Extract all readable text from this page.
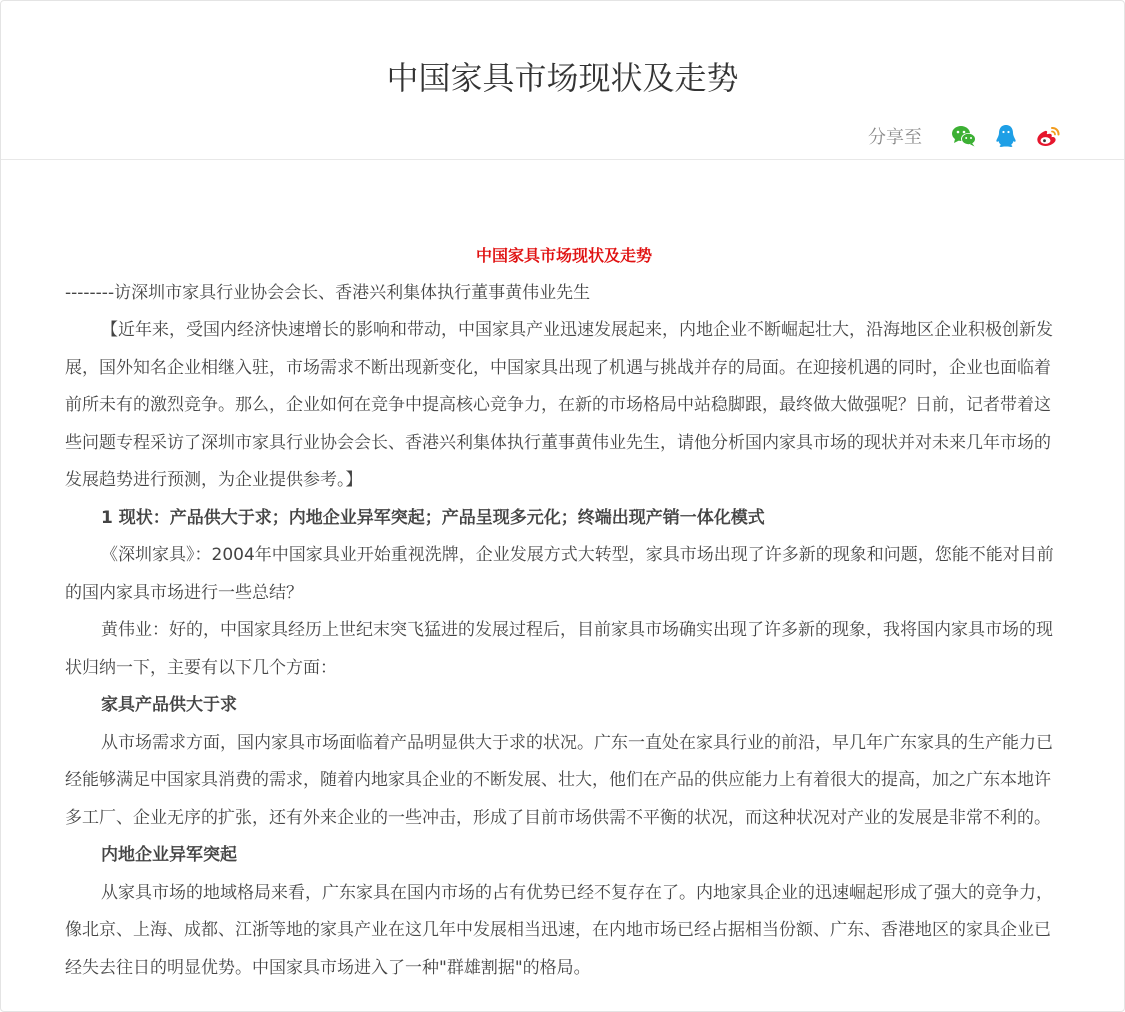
中国家具市场现状及走势
分享至

中国家具市场现状及走势

--------访深圳市家具行业协会会长、香港兴利集体执行董事黄伟业先生

【近年来，受国内经济快速增长的影响和带动，中国家具产业迅速发展起来，内地企业不断崛起壮大，沿海地区企业积极创新发展，国外知名企业相继入驻，市场需求不断出现新变化，中国家具出现了机遇与挑战并存的局面。在迎接机遇的同时，企业也面临着前所未有的激烈竞争。那么，企业如何在竞争中提高核心竞争力，在新的市场格局中站稳脚跟，最终做大做强呢？日前，记者带着这些问题专程采访了深圳市家具行业协会会长、香港兴利集体执行董事黄伟业先生，请他分析国内家具市场的现状并对未来几年市场的发展趋势进行预测，为企业提供参考。】

1 现状：产品供大于求；内地企业异军突起；产品呈现多元化；终端出现产销一体化模式

《深圳家具》：2004年中国家具业开始重视洗牌，企业发展方式大转型，家具市场出现了许多新的现象和问题，您能不能对目前的国内家具市场进行一些总结？

黄伟业：好的，中国家具经历上世纪末突飞猛进的发展过程后，目前家具市场确实出现了许多新的现象，我将国内家具市场的现状归纳一下，主要有以下几个方面：

家具产品供大于求

从市场需求方面，国内家具市场面临着产品明显供大于求的状况。广东一直处在家具行业的前沿，早几年广东家具的生产能力已经能够满足中国家具消费的需求，随着内地家具企业的不断发展、壮大，他们在产品的供应能力上有着很大的提高，加之广东本地许多工厂、企业无序的扩张，还有外来企业的一些冲击，形成了目前市场供需不平衡的状况，而这种状况对产业的发展是非常不利的。

内地企业异军突起

从家具市场的地域格局来看，广东家具在国内市场的占有优势已经不复存在了。内地家具企业的迅速崛起形成了强大的竞争力，像北京、上海、成都、江浙等地的家具产业在这几年中发展相当迅速，在内地市场已经占据相当份额、广东、香港地区的家具企业已经失去往日的明显优势。中国家具市场进入了一种"群雄割据"的格局。
